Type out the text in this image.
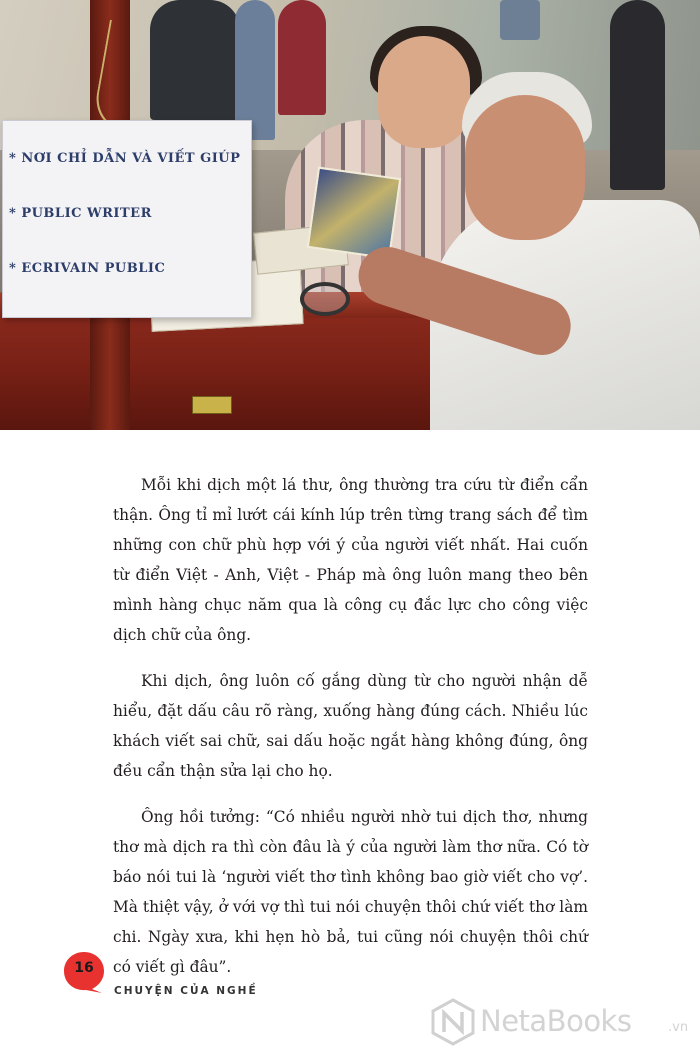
* NƠI CHỈ DẪN VÀ VIẾT GIÚP
* PUBLIC WRITER
* ECRIVAIN PUBLIC

Mỗi khi dịch một lá thư, ông thường tra cứu từ điển cẩn thận. Ông tỉ mỉ lướt cái kính lúp trên từng trang sách để tìm những con chữ phù hợp với ý của người viết nhất. Hai cuốn từ điển Việt - Anh, Việt - Pháp mà ông luôn mang theo bên mình hàng chục năm qua là công cụ đắc lực cho công việc dịch chữ của ông.

Khi dịch, ông luôn cố gắng dùng từ cho người nhận dễ hiểu, đặt dấu câu rõ ràng, xuống hàng đúng cách. Nhiều lúc khách viết sai chữ, sai dấu hoặc ngắt hàng không đúng, ông đều cẩn thận sửa lại cho họ.

Ông hồi tưởng: “Có nhiều người nhờ tui dịch thơ, nhưng thơ mà dịch ra thì còn đâu là ý của người làm thơ nữa. Có tờ báo nói tui là ‘người viết thơ tình không bao giờ viết cho vợ’. Mà thiệt vậy, ở với vợ thì tui nói chuyện thôi chứ viết thơ làm chi. Ngày xưa, khi hẹn hò bả, tui cũng nói chuyện thôi chứ có viết gì đâu”.

16
CHUYỆN CỦA NGHỀ
NetaBooks	.vn
